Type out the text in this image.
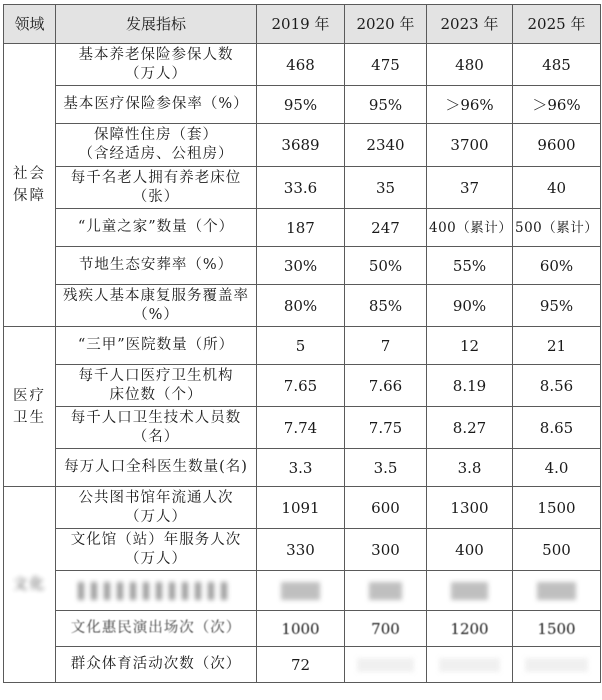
领域	发展指标	2019 年	2020 年	2023 年	2025 年
社会保障	基本养老保险参保人数
（万人）	468	475	480	485
	基本医疗保险参保率（%）	95%	95%	＞96%	＞96%
	保障性住房（套）
（含经适房、公租房）	3689	2340	3700	9600
	每千名老人拥有养老床位
（张）	33.6	35	37	40
	“儿童之家”数量（个）	187	247	400（累计）	500（累计）
	节地生态安葬率（%）	30%	50%	55%	60%
	残疾人基本康复服务覆盖率
（%）	80%	85%	90%	95%
医疗卫生	“三甲”医院数量（所）	5	7	12	21
	每千人口医疗卫生机构
床位数（个）	7.65	7.66	8.19	8.56
	每千人口卫生技术人员数
（名）	7.74	7.75	8.27	8.65
	每万人口全科医生数量(名)	3.3	3.5	3.8	4.0
文化	公共图书馆年流通人次
（万人）	1091	600	1300	1500
	文化馆（站）年服务人次
（万人）	330	300	400	500

	文化惠民演出场次（次）	1000	700	1200	1500
	群众体育活动次数（次）	72	
